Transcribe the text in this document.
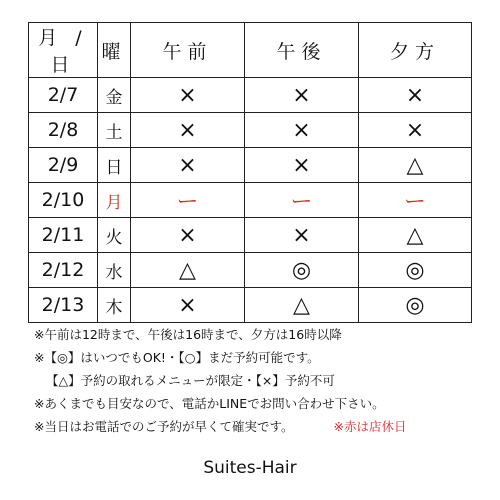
月 / 日	曜	午前	午後	夕方
2/7	金	×	×	×
2/8	土	×	×	×
2/9	日	×	×	△
2/10	月	ー	ー	ー
2/11	火	×	×	△
2/12	水	△	◎	◎
2/13	木	×	△	◎
※午前は12時まで、午後は16時まで、夕方は16時以降
※【◎】はいつでもOK!・【○】まだ予約可能です。
【△】予約の取れるメニューが限定・【×】予約不可
※あくまでも目安なので、電話かLINEでお問い合わせ下さい。
※当日はお電話でのご予約が早くて確実です。	※赤は店休日
Suites-Hair
